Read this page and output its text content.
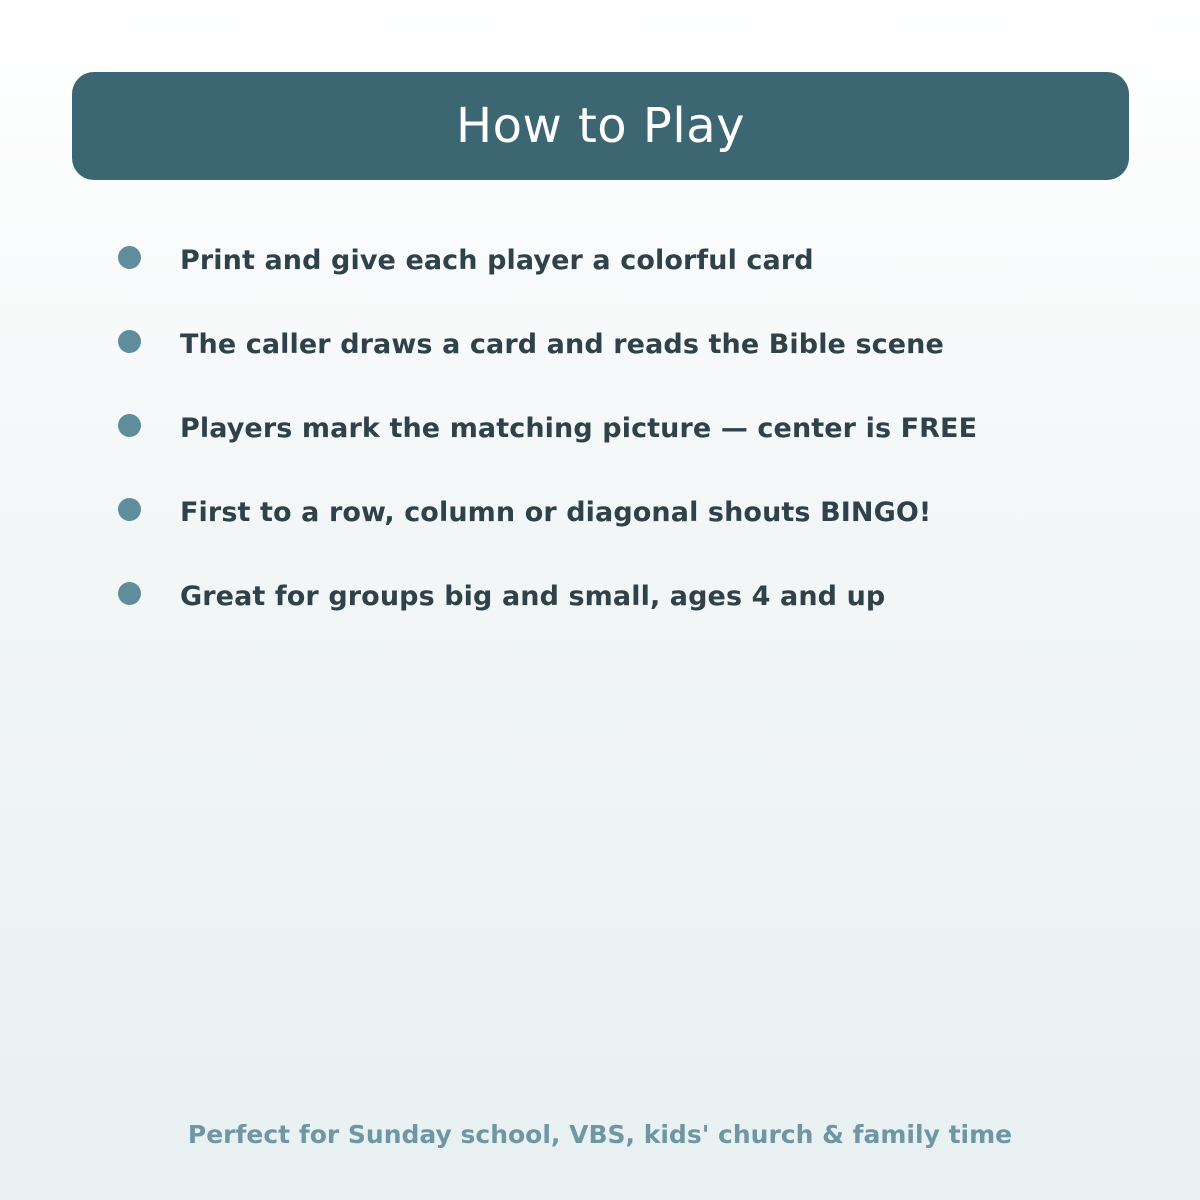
How to Play
Print and give each player a colorful card
The caller draws a card and reads the Bible scene
Players mark the matching picture — center is FREE
First to a row, column or diagonal shouts BINGO!
Great for groups big and small, ages 4 and up
Perfect for Sunday school, VBS, kids' church & family time
